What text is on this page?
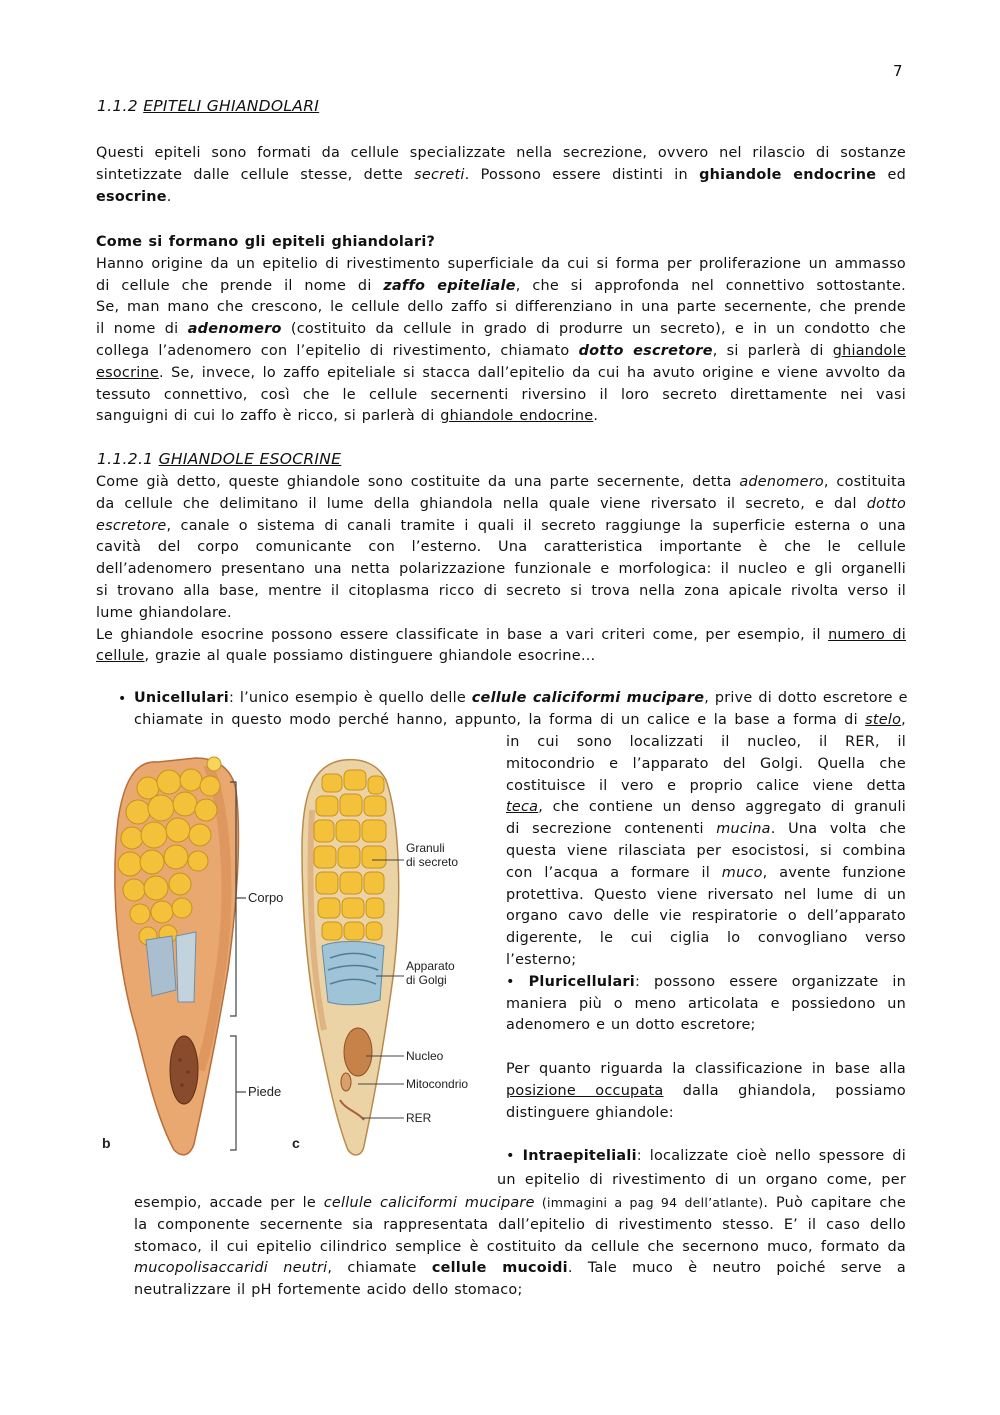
7
1.1.2 EPITELI GHIANDOLARI
Questi epiteli sono formati da cellule specializzate nella secrezione, ovvero nel rilascio di sostanze
sintetizzate dalle cellule stesse, dette secreti. Possono essere distinti in ghiandole endocrine ed
esocrine.
Come si formano gli epiteli ghiandolari?
Hanno origine da un epitelio di rivestimento superficiale da cui si forma per proliferazione un ammasso
di cellule che prende il nome di zaffo epiteliale, che si approfonda nel connettivo sottostante.
Se, man mano che crescono, le cellule dello zaffo si differenziano in una parte secernente, che prende
il nome di adenomero (costituito da cellule in grado di produrre un secreto), e in un condotto che
collega l’adenomero con l’epitelio di rivestimento, chiamato dotto escretore, si parlerà di ghiandole
esocrine. Se, invece, lo zaffo epiteliale si stacca dall’epitelio da cui ha avuto origine e viene avvolto da
tessuto connettivo, così che le cellule secernenti riversino il loro secreto direttamente nei vasi
sanguigni di cui lo zaffo è ricco, si parlerà di ghiandole endocrine.
1.1.2.1 GHIANDOLE ESOCRINE
Come già detto, queste ghiandole sono costituite da una parte secernente, detta adenomero, costituita
da cellule che delimitano il lume della ghiandola nella quale viene riversato il secreto, e dal dotto
escretore, canale o sistema di canali tramite i quali il secreto raggiunge la superficie esterna o una
cavità del corpo comunicante con l’esterno. Una caratteristica importante è che le cellule
dell’adenomero presentano una netta polarizzazione funzionale e morfologica: il nucleo e gli organelli
si trovano alla base, mentre il citoplasma ricco di secreto si trova nella zona apicale rivolta verso il
lume ghiandolare.
Le ghiandole esocrine possono essere classificate in base a vari criteri come, per esempio, il numero di
cellule, grazie al quale possiamo distinguere ghiandole esocrine…
• Unicellulari: l’unico esempio è quello delle cellule caliciformi mucipare, prive di dotto escretore e
chiamate in questo modo perché hanno, appunto, la forma di un calice e la base a forma di stelo,
in cui sono localizzati il nucleo, il RER, il
mitocondrio e l’apparato del Golgi. Quella che
costituisce il vero e proprio calice viene detta
teca, che contiene un denso aggregato di granuli
di secrezione contenenti mucina. Una volta che
questa viene rilasciata per esocistosi, si combina
con l’acqua a formare il muco, avente funzione
protettiva. Questo viene riversato nel lume di un
organo cavo delle vie respiratorie o dell’apparato
digerente, le cui ciglia lo convogliano verso
l’esterno;
• Pluricellulari: possono essere organizzate in
maniera più o meno articolata e possiedono un
adenomero e un dotto escretore;

Per quanto riguarda la classificazione in base alla
posizione occupata dalla ghiandola, possiamo
distinguere ghiandole:

• Intraepiteliali: localizzate cioè nello spessore di
un epitelio di rivestimento di un organo come, per
esempio, accade per le cellule caliciformi mucipare (immagini a pag 94 dell’atlante). Può capitare che
la componente secernente sia rappresentata dall’epitelio di rivestimento stesso. E’ il caso dello
stomaco, il cui epitelio cilindrico semplice è costituito da cellule che secernono muco, formato da
mucopolisaccaridi neutri, chiamate cellule mucoidi. Tale muco è neutro poiché serve a
neutralizzare il pH fortemente acido dello stomaco;
Corpo
Piede
b	c
Granuli
di secreto
Apparato
di Golgi
Nucleo
Mitocondrio
RER
